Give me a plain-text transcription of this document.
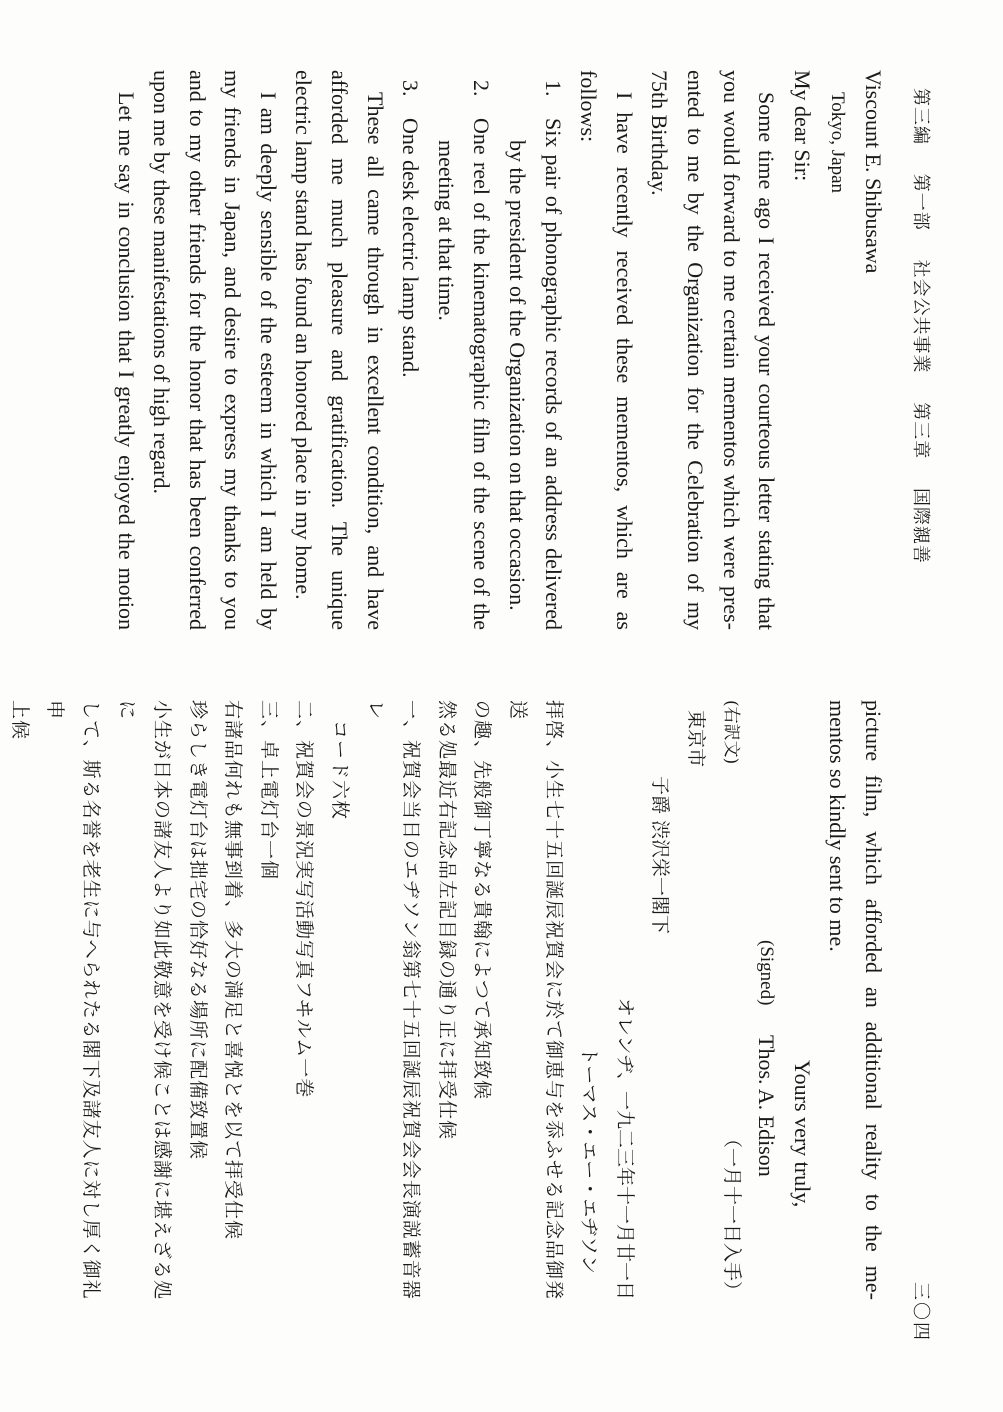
第三編 第一部 社会公共事業 第三章 国際親善
三〇四

Viscount E. Shibusawa

Tokyo, Japan

My dear Sir:

Some time ago I received your courteous letter stating that

you would forward to me certain mementos which were pres-

ented to me by the Organization for the Celebration of my

75th Birthday.

I have recently received these mementos, which are as

follows:

1.

Six pair of phonographic records of an address delivered

by the president of the Organization on that occasion.

2.

One reel of the kinematographic film of the scene of the

meeting at that time.

3.

One desk electric lamp stand.

These all came through in excellent condition, and have

afforded me much pleasure and gratification. The unique

electric lamp stand has found an honored place in my home.

I am deeply sensible of the esteem in which I am held by

my friends in Japan, and desire to express my thanks to you

and to my other friends for the honor that has been conferred

upon me by these manifestations of high regard.

Let me say in conclusion that I greatly enjoyed the motion

picture film, which afforded an additional reality to the me-

mentos so kindly sent to me.

Yours very truly,

(Signed)
Thos. A. Edison
(右訳文)
（一月十一日入手）
東京市
子爵 渋沢栄一閣下
オレンヂ、一九二三年十一月廿一日
トーマス・エー・エヂソン

拝啓、小生七十五回誕辰祝賀会に於て御恵与を忝ふせる記念品御発送

の趣、先般御丁寧なる貴翰によつて承知致候

然る処最近右記念品左記目録の通り正に拝受仕候

一、祝賀会当日のエヂソン翁第七十五回誕辰祝賀会会長演説蓄音器レ

　コード六枚

二、祝賀会の景況実写活動写真フヰルム一巻

三、卓上電灯台一個

右諸品何れも無事到着、多大の満足と喜悦とを以て拝受仕候

珍らしき電灯台は拙宅の恰好なる場所に配備致置候

小生が日本の諸友人より如此敬意を受け候ことは感謝に堪えざる処に

して、斯る名誉を老生に与へられたる閣下及諸友人に対し厚く御礼申

上候
